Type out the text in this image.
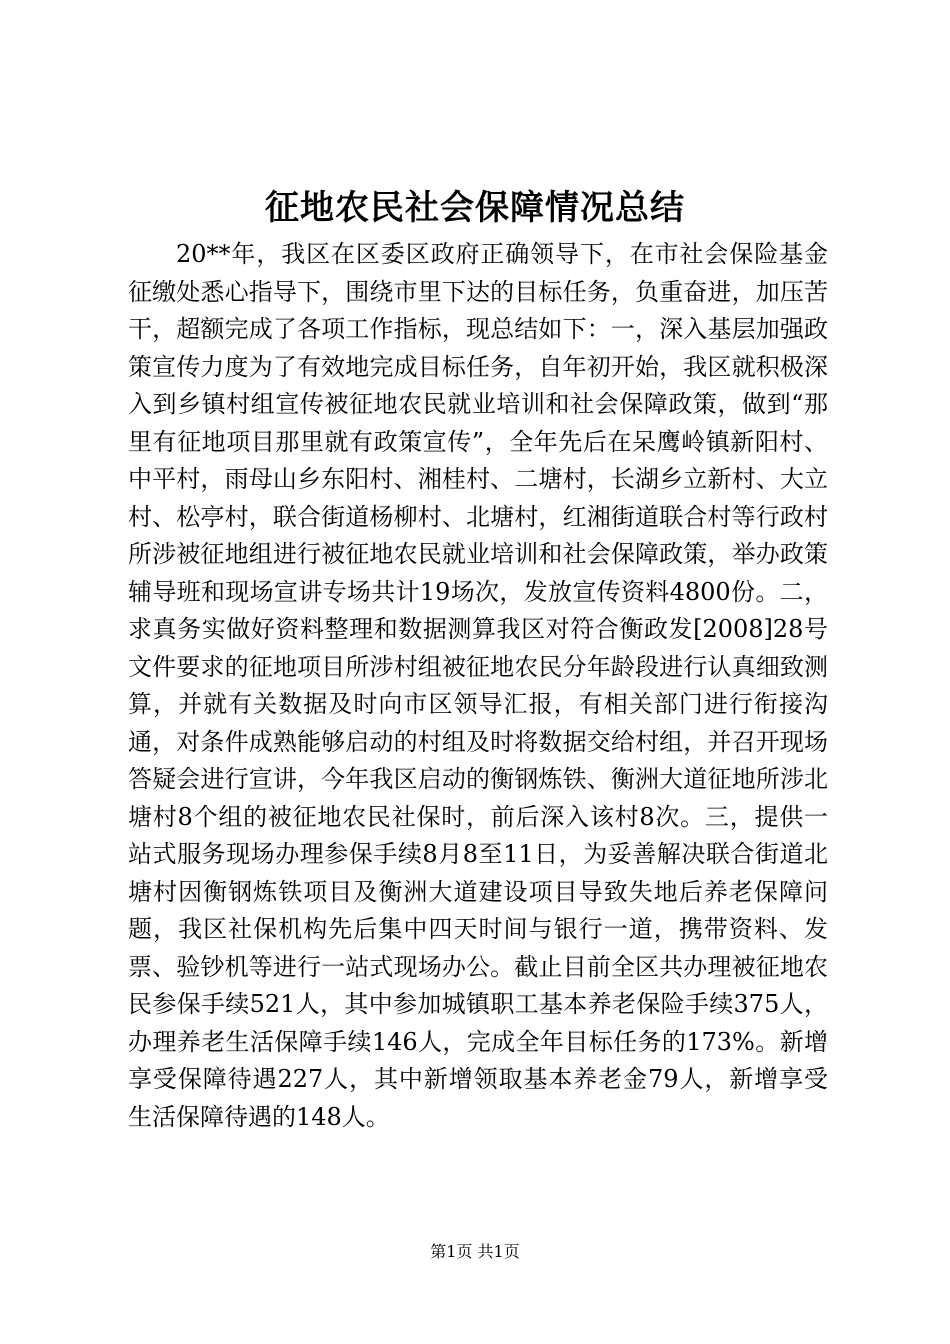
征地农民社会保障情况总结

20**年，我区在区委区政府正确领导下，在市社会保险基金征缴处悉心指导下，围绕市里下达的目标任务，负重奋进，加压苦干，超额完成了各项工作指标，现总结如下：一，深入基层加强政策宣传力度为了有效地完成目标任务，自年初开始，我区就积极深入到乡镇村组宣传被征地农民就业培训和社会保障政策，做到“那里有征地项目那里就有政策宣传”，全年先后在呆鹰岭镇新阳村、中平村，雨母山乡东阳村、湘桂村、二塘村，长湖乡立新村、大立村、松亭村，联合街道杨柳村、北塘村，红湘街道联合村等行政村所涉被征地组进行被征地农民就业培训和社会保障政策，举办政策辅导班和现场宣讲专场共计19场次，发放宣传资料4800份。二，求真务实做好资料整理和数据测算我区对符合衡政发[2008]28号文件要求的征地项目所涉村组被征地农民分年龄段进行认真细致测算，并就有关数据及时向市区领导汇报，有相关部门进行衔接沟通，对条件成熟能够启动的村组及时将数据交给村组，并召开现场答疑会进行宣讲，今年我区启动的衡钢炼铁、衡洲大道征地所涉北塘村8个组的被征地农民社保时，前后深入该村8次。三，提供一站式服务现场办理参保手续8月8至11日，为妥善解决联合街道北塘村因衡钢炼铁项目及衡洲大道建设项目导致失地后养老保障问题，我区社保机构先后集中四天时间与银行一道，携带资料、发票、验钞机等进行一站式现场办公。截止目前全区共办理被征地农民参保手续521人，其中参加城镇职工基本养老保险手续375人，办理养老生活保障手续146人，完成全年目标任务的173%。新增享受保障待遇227人，其中新增领取基本养老金79人，新增享受生活保障待遇的148人。

第1页 共1页
